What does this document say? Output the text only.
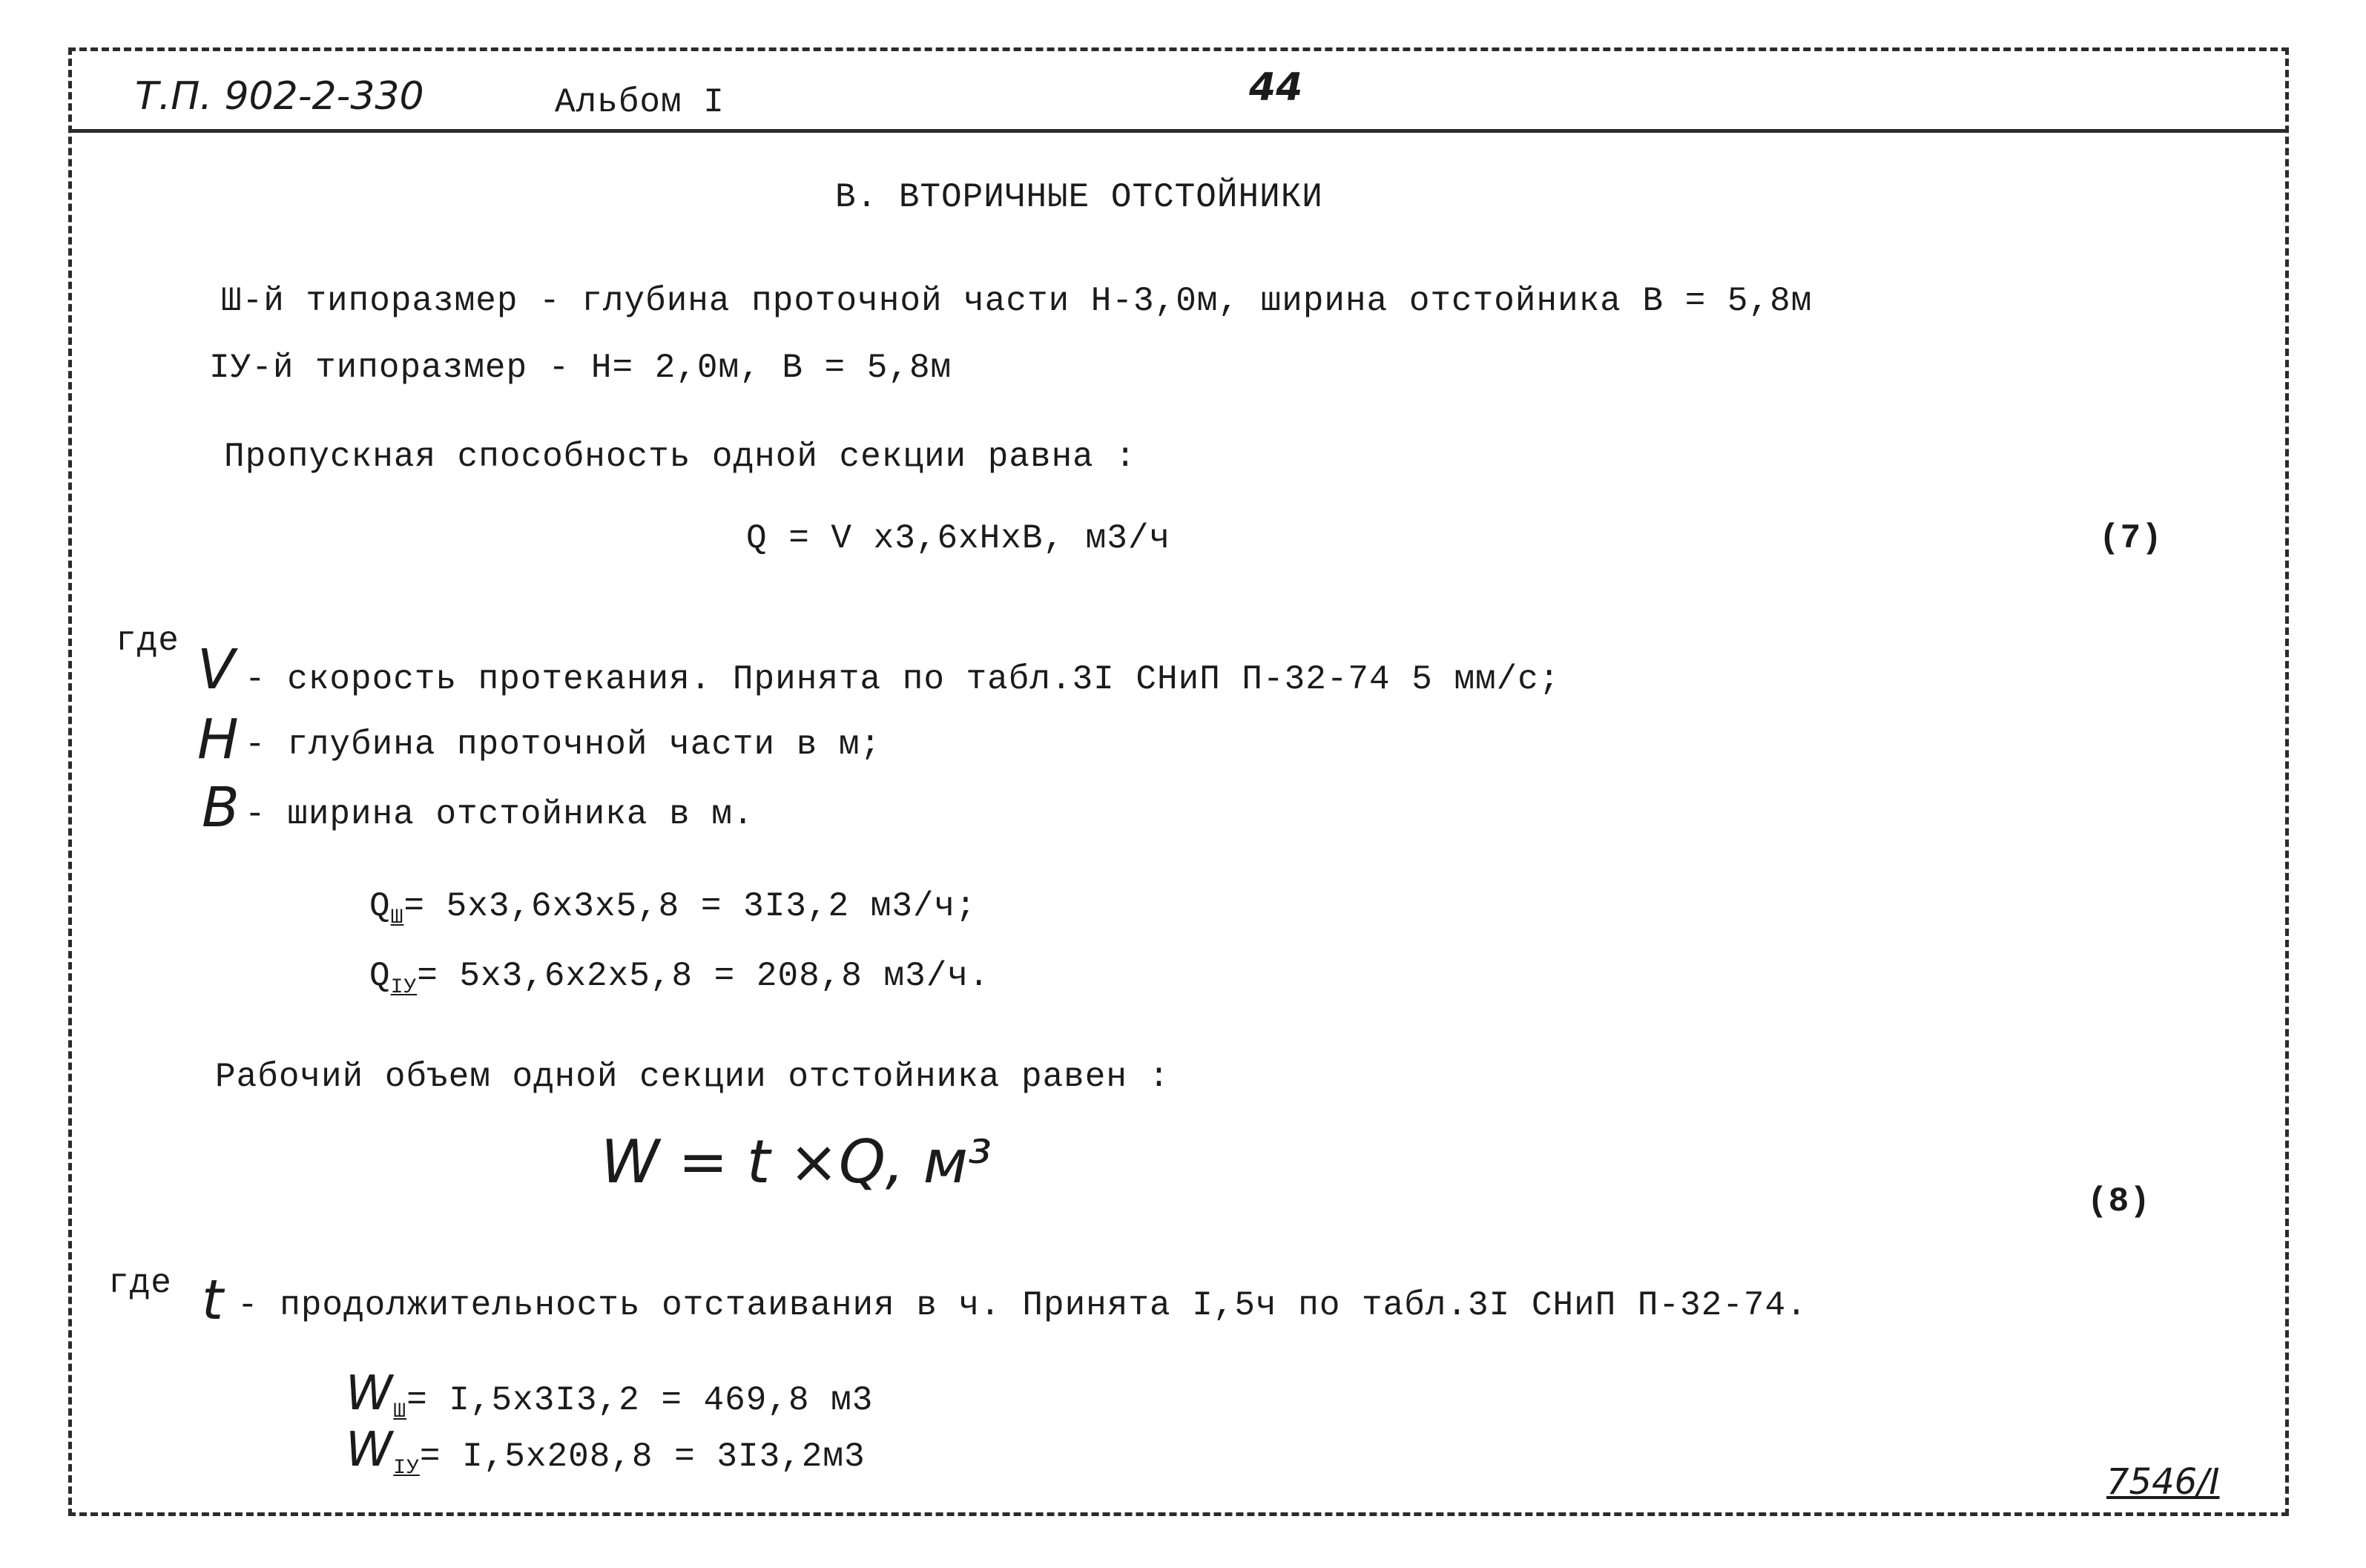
Т.П. 902-2-330	Альбом I	44
В. ВТОРИЧНЫЕ ОТСТОЙНИКИ
Ш-й типоразмер - глубина проточной части Н-3,0м, ширина отстойника В = 5,8м
IУ-й типоразмер - Н= 2,0м, В = 5,8м
Пропускная способность одной секции равна :
Q = V x3,6xНxВ, м3/ч	(7)
где V - скорость протекания. Принята по табл.3I СНиП П-32-74 5 мм/с;
H - глубина проточной части в м;
B - ширина отстойника в м.
$Q_Ш= 5х3,6х3х5,8 = 3I3,2$ м3/ч;
$Q_{IУ}= 5х3,6х2х5,8 = 208,8$ м3/ч.
Рабочий объем одной секции отстойника равен :
W = t ×Q, м³
(8)
где t - продолжительность отстаивания в ч. Принята I,5ч по табл.3I СНиП П-32-74.
$W_Ш= I,5х3I3,2 = 469,8$ м3
$W_{IУ}= I,5х208,8 = 3I3,2м3$
7546/I
